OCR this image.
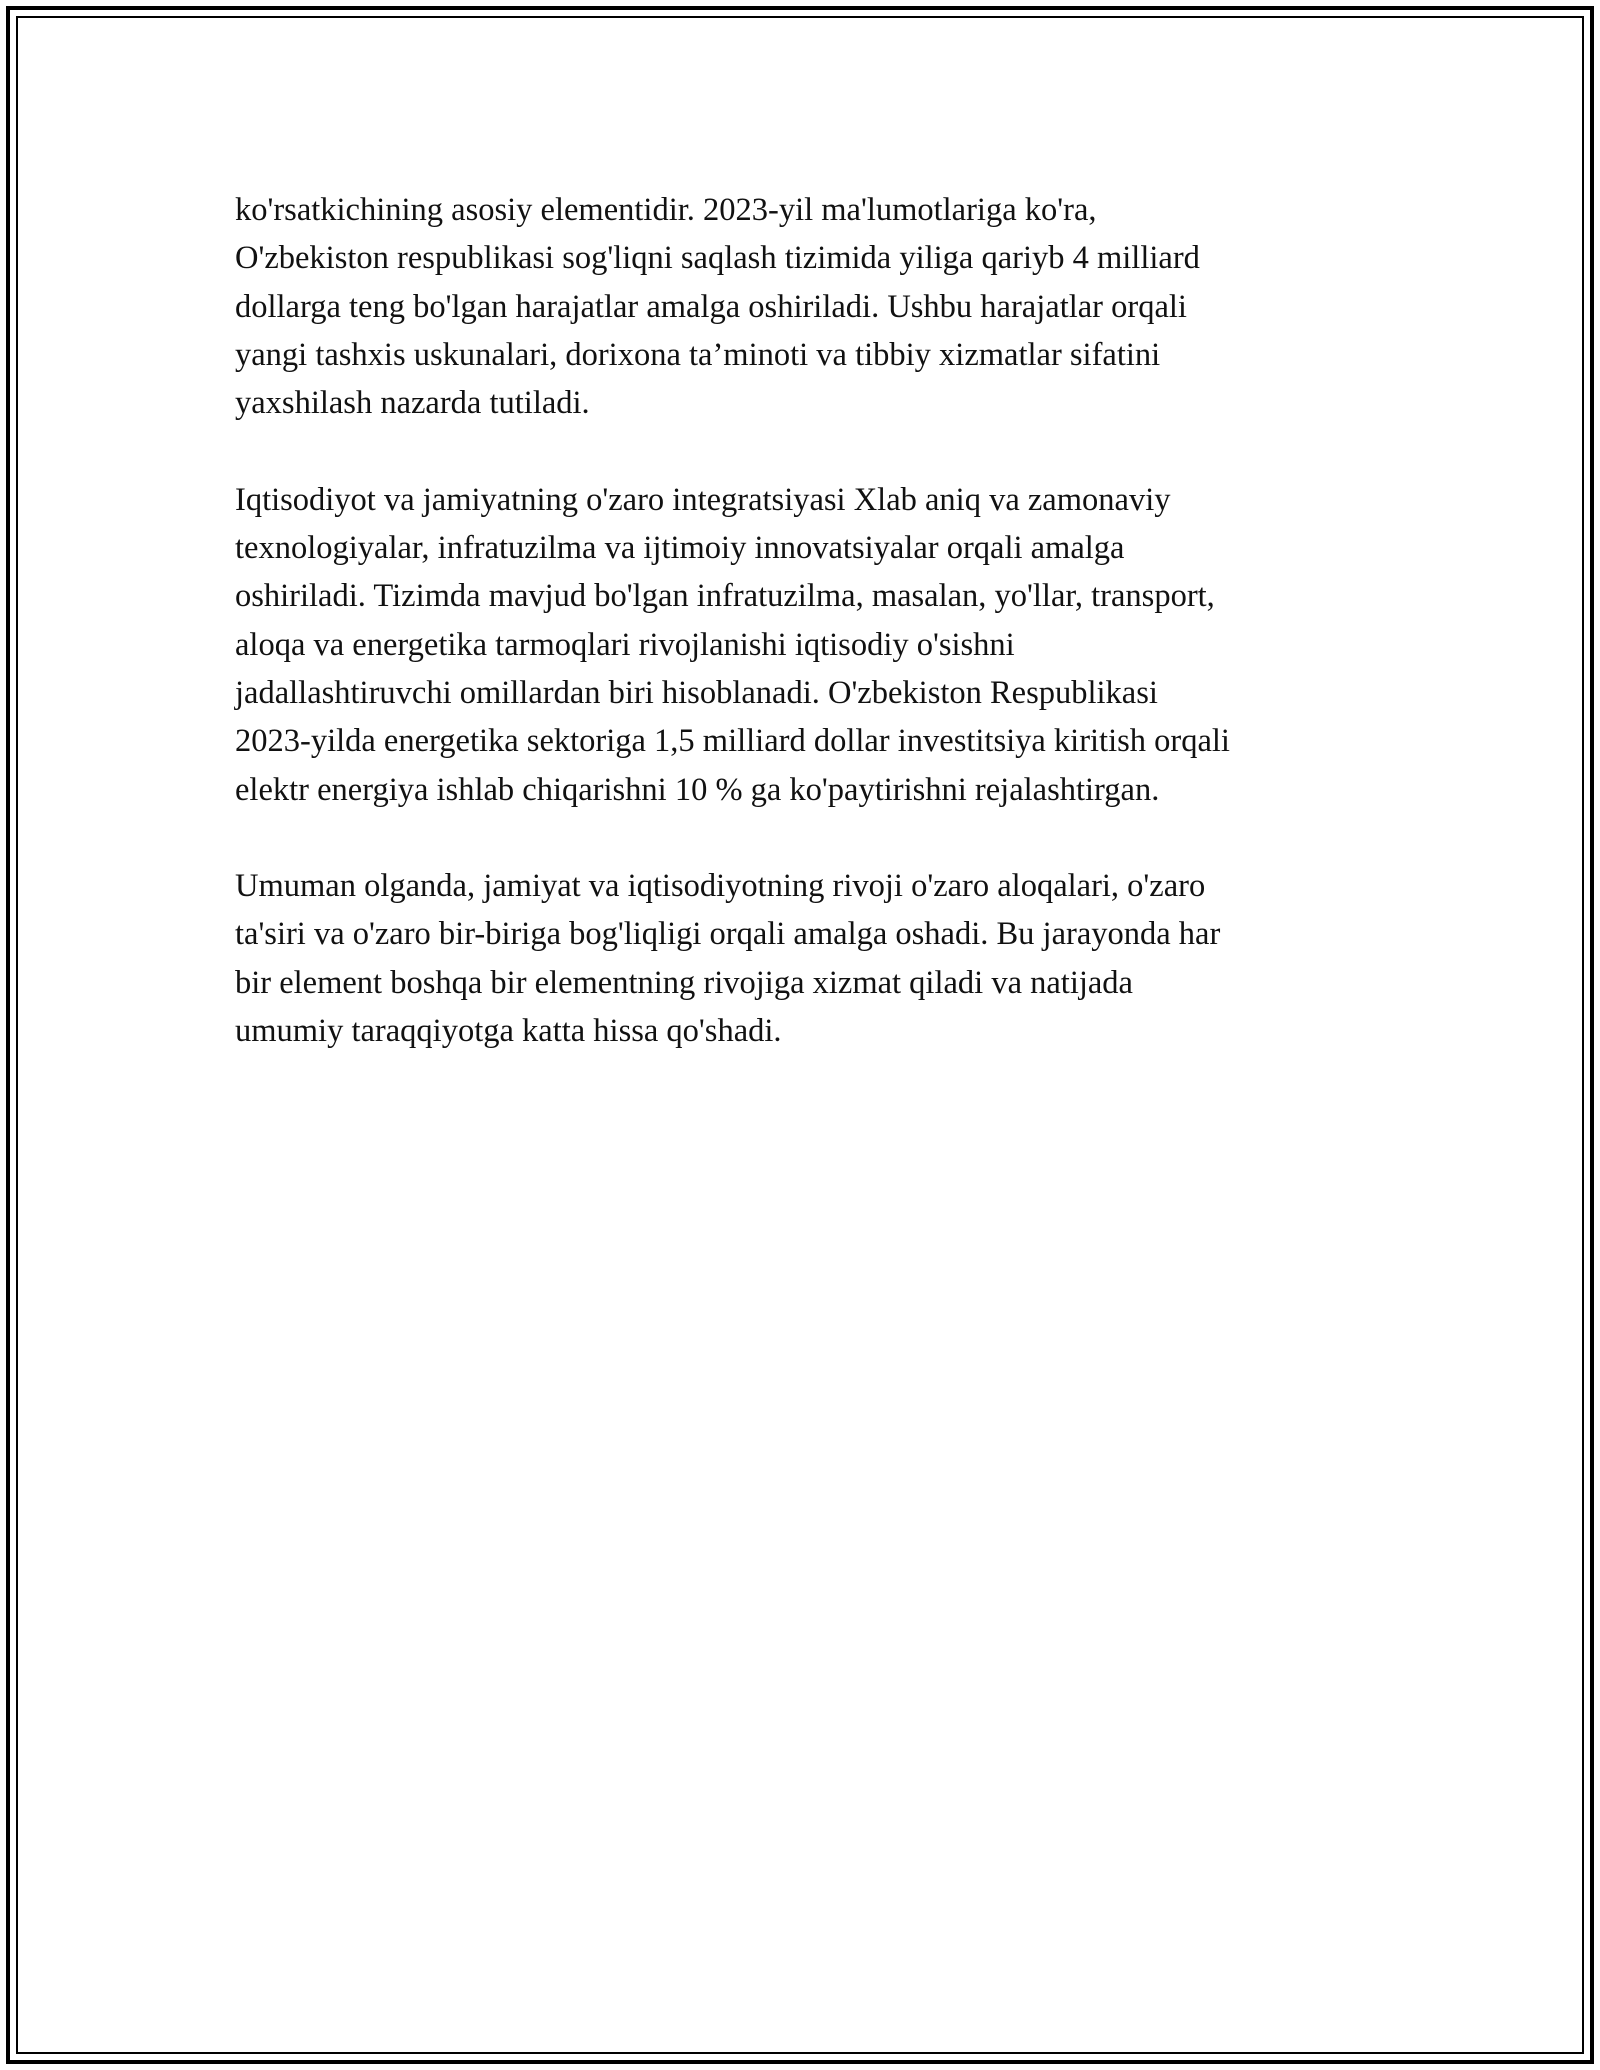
ko'rsatkichining asosiy elementidir. 2023-yil ma'lumotlariga ko'ra,
O'zbekiston respublikasi sog'liqni saqlash tizimida yiliga qariyb 4 milliard
dollarga teng bo'lgan harajatlar amalga oshiriladi. Ushbu harajatlar orqali
yangi tashxis uskunalari, dorixona ta’minoti va tibbiy xizmatlar sifatini
yaxshilash nazarda tutiladi.

Iqtisodiyot va jamiyatning o'zaro integratsiyasi Xlab aniq va zamonaviy
texnologiyalar, infratuzilma va ijtimoiy innovatsiyalar orqali amalga
oshiriladi. Tizimda mavjud bo'lgan infratuzilma, masalan, yo'llar, transport,
aloqa va energetika tarmoqlari rivojlanishi iqtisodiy o'sishni
jadallashtiruvchi omillardan biri hisoblanadi. O'zbekiston Respublikasi
2023-yilda energetika sektoriga 1,5 milliard dollar investitsiya kiritish orqali
elektr energiya ishlab chiqarishni 10 % ga ko'paytirishni rejalashtirgan.

Umuman olganda, jamiyat va iqtisodiyotning rivoji o'zaro aloqalari, o'zaro
ta'siri va o'zaro bir-biriga bog'liqligi orqali amalga oshadi. Bu jarayonda har
bir element boshqa bir elementning rivojiga xizmat qiladi va natijada
umumiy taraqqiyotga katta hissa qo'shadi.
